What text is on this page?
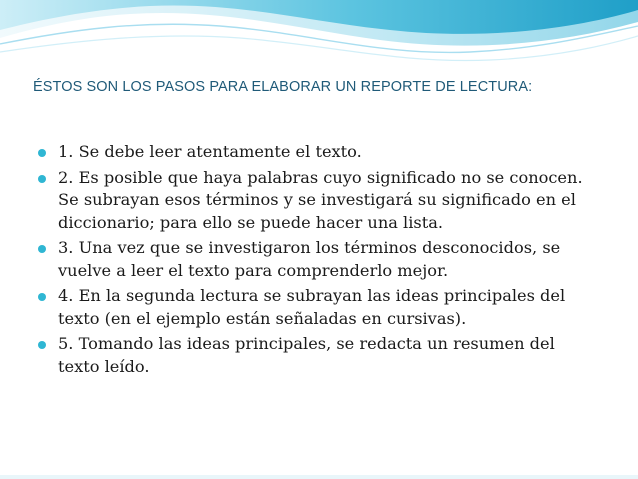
ÉSTOS SON LOS PASOS PARA ELABORAR UN REPORTE DE LECTURA:
1. Se debe leer atentamente el texto.
2. Es posible que haya palabras cuyo significado no se conocen. Se subrayan esos términos y se investigará su significado en el diccionario; para ello se puede hacer una lista.
3. Una vez que se investigaron los términos desconocidos, se vuelve a leer el texto para comprenderlo mejor.
4. En la segunda lectura se subrayan las ideas principales del texto (en el ejemplo están señaladas en cursivas).
5. Tomando las ideas principales, se redacta un resumen del texto leído.
